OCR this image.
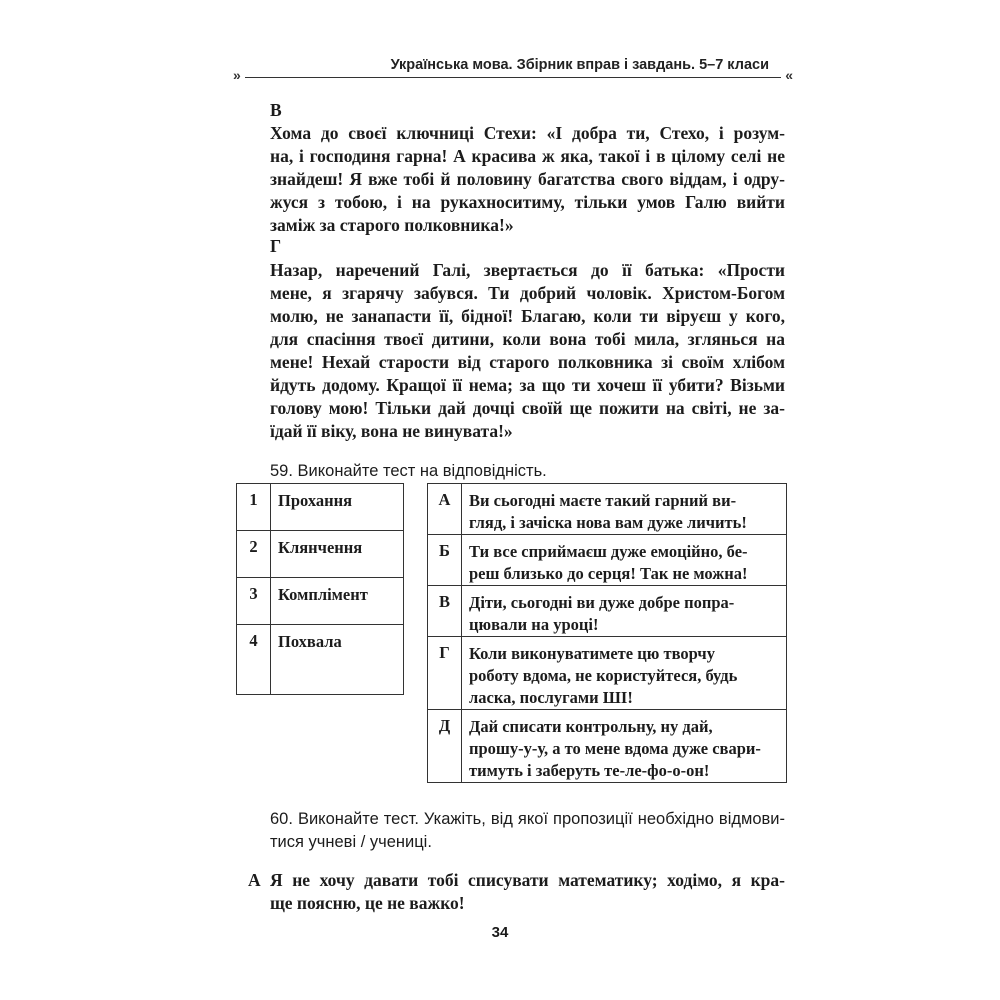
Українська мова. Збірник вправ і завдань. 5–7 класи
»	«
В
Хома до своєї ключниці Стехи: «І добра ти, Стехо, і розум-
на, і господиня гарна! А красива ж яка, такої і в цілому селі не
знайдеш! Я вже тобі й половину багатства свого віддам, і одру-
жуся з тобою, і на рукахноситиму, тільки умов Галю вийти
заміж за старого полковника!»
Г
Назар, наречений Галі, звертається до її батька: «Прости
мене, я згарячу забувся. Ти добрий чоловік. Христом-Богом
молю, не занапасти її, бідної! Благаю, коли ти віруєш у кого,
для спасіння твоєї дитини, коли вона тобі мила, зглянься на
мене! Нехай старости від старого полковника зі своїм хлібом
йдуть додому. Кращої її нема; за що ти хочеш її убити? Візьми
голову мою! Тільки дай дочці своїй ще пожити на світі, не за-
їдай її віку, вона не винувата!»
59. Виконайте тест на відповідність.
1	Прохання
2	Клянчення
3	Комплімент
4	Похвала
А	Ви сьогодні маєте такий гарний ви-
гляд, і зачіска нова вам дуже личить!

Б	Ти все сприймаєш дуже емоційно, бе-
реш близько до серця! Так не можна!

В	Діти, сьогодні ви дуже добре попра-
цювали на уроці!

Г	Коли виконуватимете цю творчу
роботу вдома, не користуйтеся, будь
ласка, послугами ШІ!

Д	Дай списати контрольну, ну дай,
прошу-у-у, а то мене вдома дуже свари-
тимуть і заберуть те-ле-фо-о-он!
60. Виконайте тест. Укажіть, від якої пропозиції необхідно відмови-
тися учневі / учениці.
А Я не хочу давати тобі списувати математику; ходімо, я кра-
ще поясню, це не важко!
34
